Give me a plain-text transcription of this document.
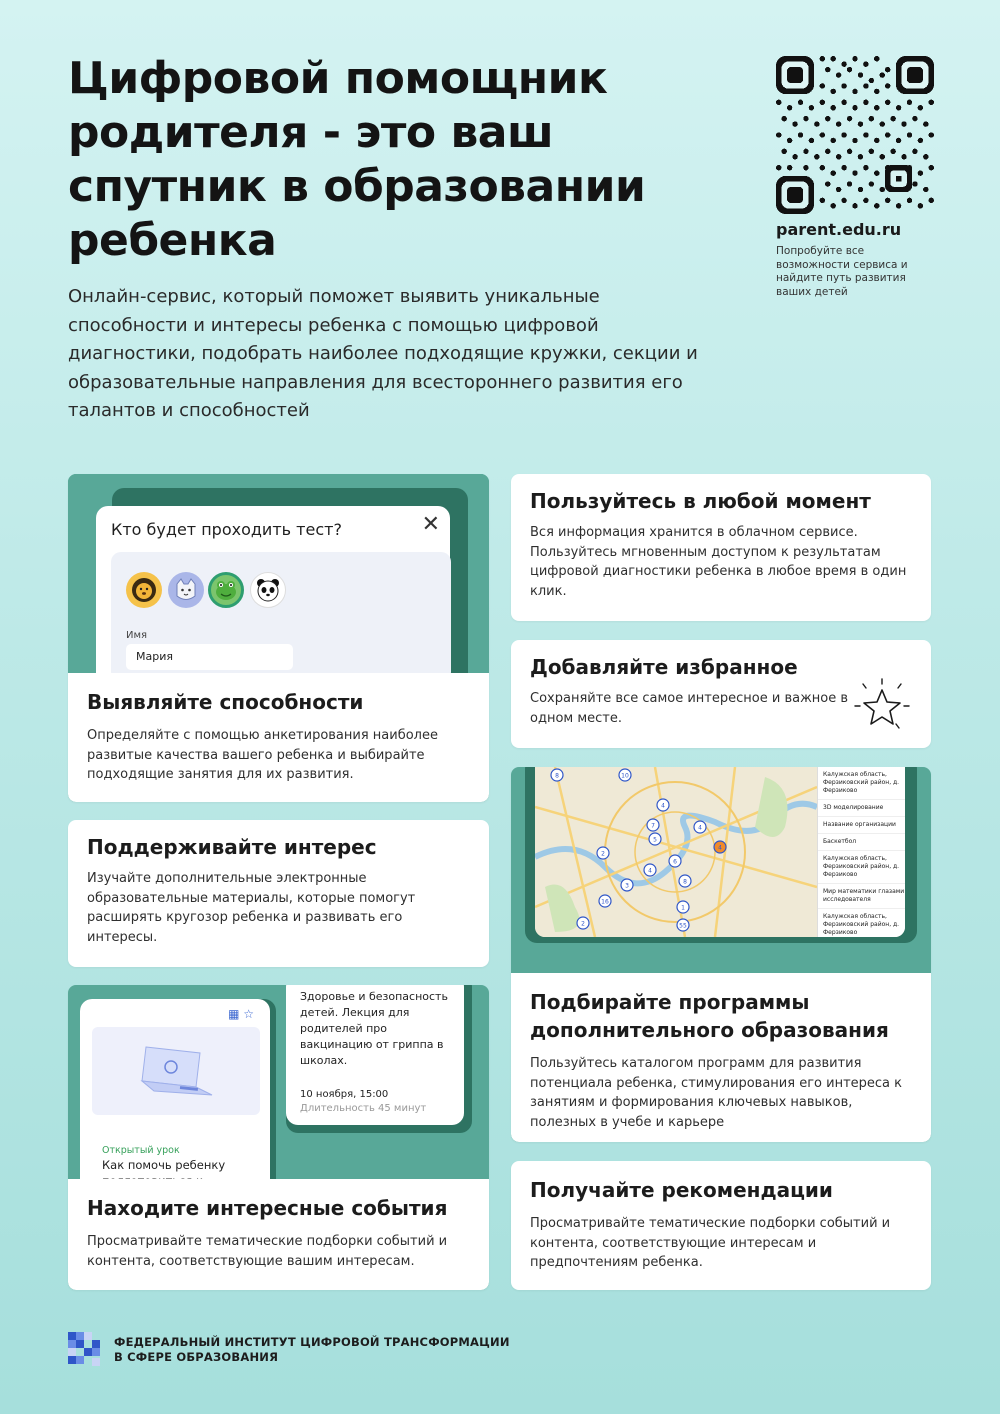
Цифровой помощник родителя - это ваш спутник в образовании ребенка

Онлайн-сервис, который поможет выявить уникальные способности и интересы ребенка с помощью цифровой диагностики, подобрать наиболее подходящие кружки, секции и образовательные направления для всестороннего развития его талантов и способностей

parent.edu.ru
Попробуйте все возможности сервиса и найдите путь развития ваших детей
Кто будет проходить тест?	✕
Имя
Мария
Выявляйте способности

Определяйте с помощью анкетирования наиболее развитые качества вашего ребенка и выбирайте подходящие занятия для их развития.

Поддерживайте интерес

Изучайте дополнительные электронные образовательные материалы, которые помогут расширять кругозор ребенка и развивать его интересы.

Здоровье и безопасность детей. Лекция для родителей про вакцинацию от гриппа в школах.
10 ноября, 15:00
Длительность 45 минут
▦ ☆
Открытый урок
Как помочь ребенку
Находите интересные события

Просматривайте тематические подборки событий и контента, соответствующие вашим интересам.

Пользуйтесь в любой момент

Вся информация хранится в облачном сервисе. Пользуйтесь мгновенным доступом к результатам цифровой диагностики ребенка в любое время в один клик.

Добавляйте избранное

Сохраняйте все самое интересное и важное в одном месте.

10
8
4
7	4
5
2
6
4
8
3
16
2
1
55
4
Калужская область, Ферзиковский район, д. Ферзиково
3D моделирование
Название организации
Баскетбол
Калужская область, Ферзиковский район, д. Ферзиково
Мир математики глазами исследователя
Калужская область, Ферзиковский район, д. Ферзиково
Подбирайте программы дополнительного образования

Пользуйтесь каталогом программ для развития потенциала ребенка, стимулирования его интереса к занятиям и формирования ключевых навыков, полезных в учебе и карьере

Получайте рекомендации

Просматривайте тематические подборки событий и контента, соответствующие интересам и предпочтениям ребенка.

ФЕДЕРАЛЬНЫЙ ИНСТИТУТ ЦИФРОВОЙ ТРАНСФОРМАЦИИ
В СФЕРЕ ОБРАЗОВАНИЯ
